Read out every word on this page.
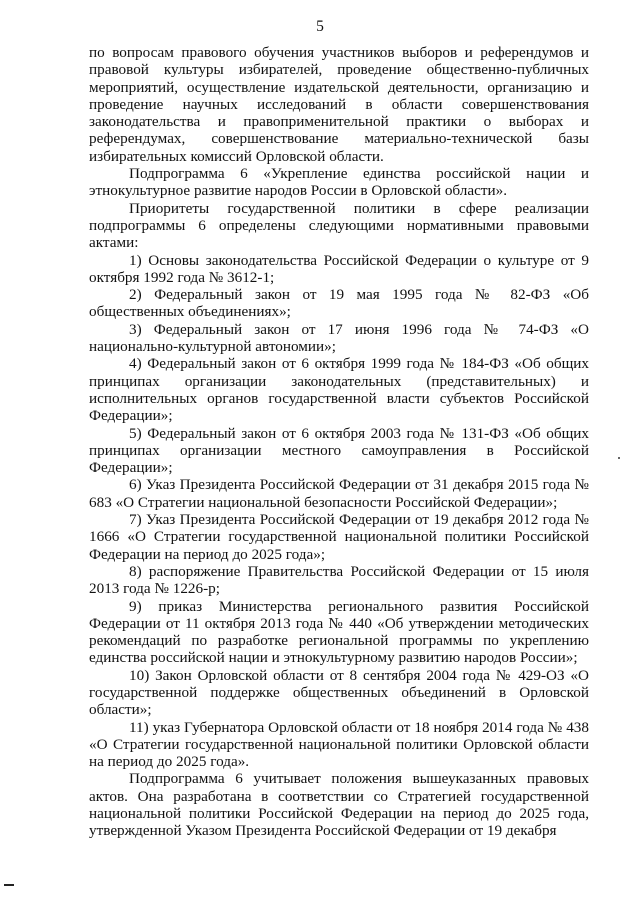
5

по вопросам правового обучения участников выборов и референдумов и правовой культуры избирателей, проведение общественно-публичных мероприятий, осуществление издательской деятельности, организацию и проведение научных исследований в области совершенствования законодательства и правоприменительной практики о выборах и референдумах, совершенствование материально-технической базы избирательных комиссий Орловской области.

Подпрограмма 6 «Укрепление единства российской нации и этнокультурное развитие народов России в Орловской области».

Приоритеты государственной политики в сфере реализации подпрограммы 6 определены следующими нормативными правовыми актами:

1) Основы законодательства Российской Федерации о культуре от 9 октября 1992 года № 3612-1;

2) Федеральный закон от 19 мая 1995 года № 82-ФЗ «Об общественных объединениях»;

3) Федеральный закон от 17 июня 1996 года № 74-ФЗ «О национально-культурной автономии»;

4) Федеральный закон от 6 октября 1999 года № 184-ФЗ «Об общих принципах организации законодательных (представительных) и исполнительных органов государственной власти субъектов Российской Федерации»;

5) Федеральный закон от 6 октября 2003 года № 131-ФЗ «Об общих принципах организации местного самоуправления в Российской Федерации»;

6) Указ Президента Российской Федерации от 31 декабря 2015 года № 683 «О Стратегии национальной безопасности Российской Федерации»;

7) Указ Президента Российской Федерации от 19 декабря 2012 года № 1666 «О Стратегии государственной национальной политики Российской Федерации на период до 2025 года»;

8) распоряжение Правительства Российской Федерации от 15 июля 2013 года № 1226-р;

9) приказ Министерства регионального развития Российской Федерации от 11 октября 2013 года № 440 «Об утверждении методических рекомендаций по разработке региональной программы по укреплению единства российской нации и этнокультурному развитию народов России»;

10) Закон Орловской области от 8 сентября 2004 года № 429-ОЗ «О государственной поддержке общественных объединений в Орловской области»;

11) указ Губернатора Орловской области от 18 ноября 2014 года № 438 «О Стратегии государственной национальной политики Орловской области на период до 2025 года».

Подпрограмма 6 учитывает положения вышеуказанных правовых актов. Она разработана в соответствии со Стратегией государственной национальной политики Российской Федерации на период до 2025 года, утвержденной Указом Президента Российской Федерации от 19 декабря
